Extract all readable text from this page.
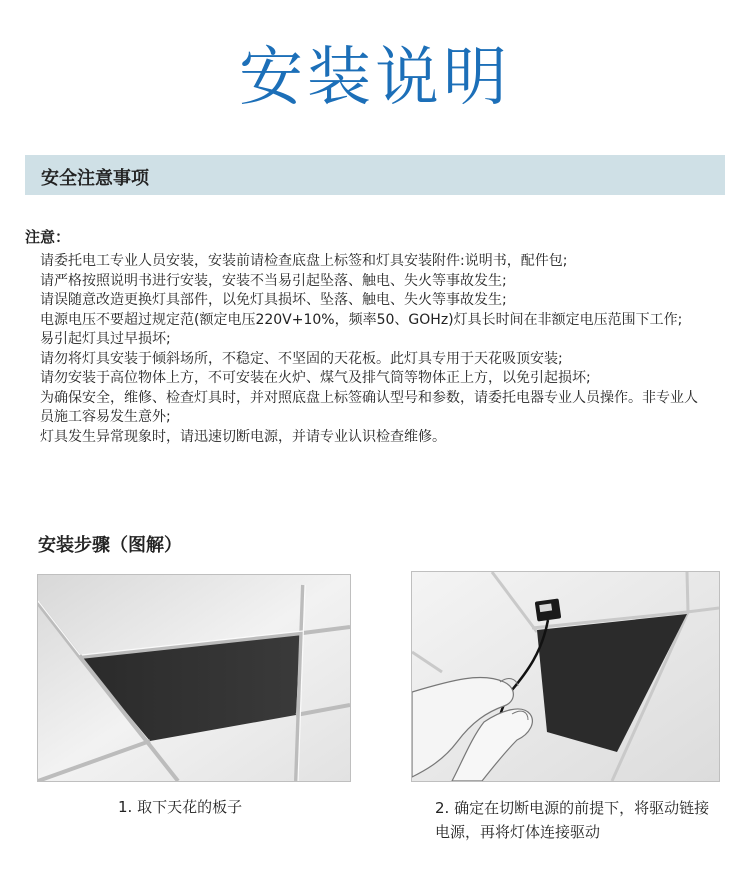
安装说明
安全注意事项
注意：
请委托电工专业人员安装，安装前请检查底盘上标签和灯具安装附件:说明书，配件包;
请严格按照说明书进行安装，安装不当易引起坠落、触电、失火等事故发生;
请误随意改造更换灯具部件，以免灯具损坏、坠落、触电、失火等事故发生;
电源电压不要超过规定范(额定电压220V+10%，频率50、GOHz)灯具长时间在非额定电压范围下工作;
易引起灯具过早损坏;
请勿将灯具安装于倾斜场所，不稳定、不坚固的天花板。此灯具专用于天花吸顶安装;
请勿安装于高位物体上方，不可安装在火炉、煤气及排气筒等物体正上方，以免引起损坏;
为确保安全，维修、检查灯具时，并对照底盘上标签确认型号和参数，请委托电器专业人员操作。非专业人员施工容易发生意外;
灯具发生异常现象时，请迅速切断电源，并请专业认识检查维修。
安装步骤（图解）
1. 取下天花的板子	2. 确定在切断电源的前提下，将驱动链接电源，再将灯体连接驱动
